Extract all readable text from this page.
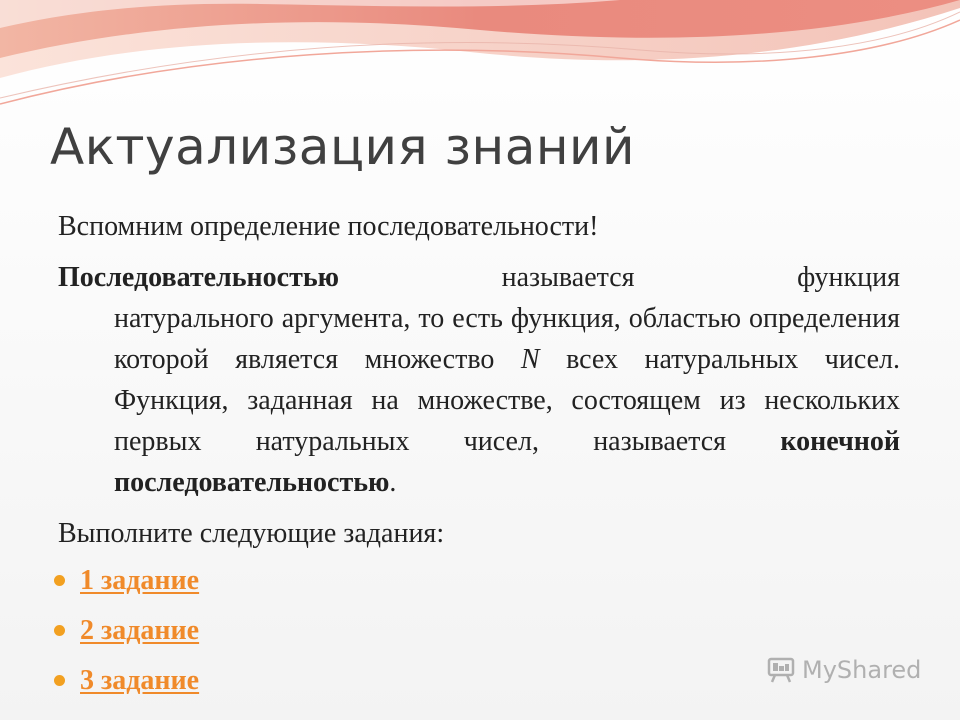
Актуализация знаний

Вспомним определение последовательности!

Последовательностью	называется	функция
натурального аргумента, то есть функция, областью определения которой является множество N всех натуральных чисел. Функция, заданная на множестве, состоящем из нескольких первых натуральных чисел, называется конечной последовательностью.

Выполните следующие задания:

1 задание
2 задание
3 задание	MyShared
